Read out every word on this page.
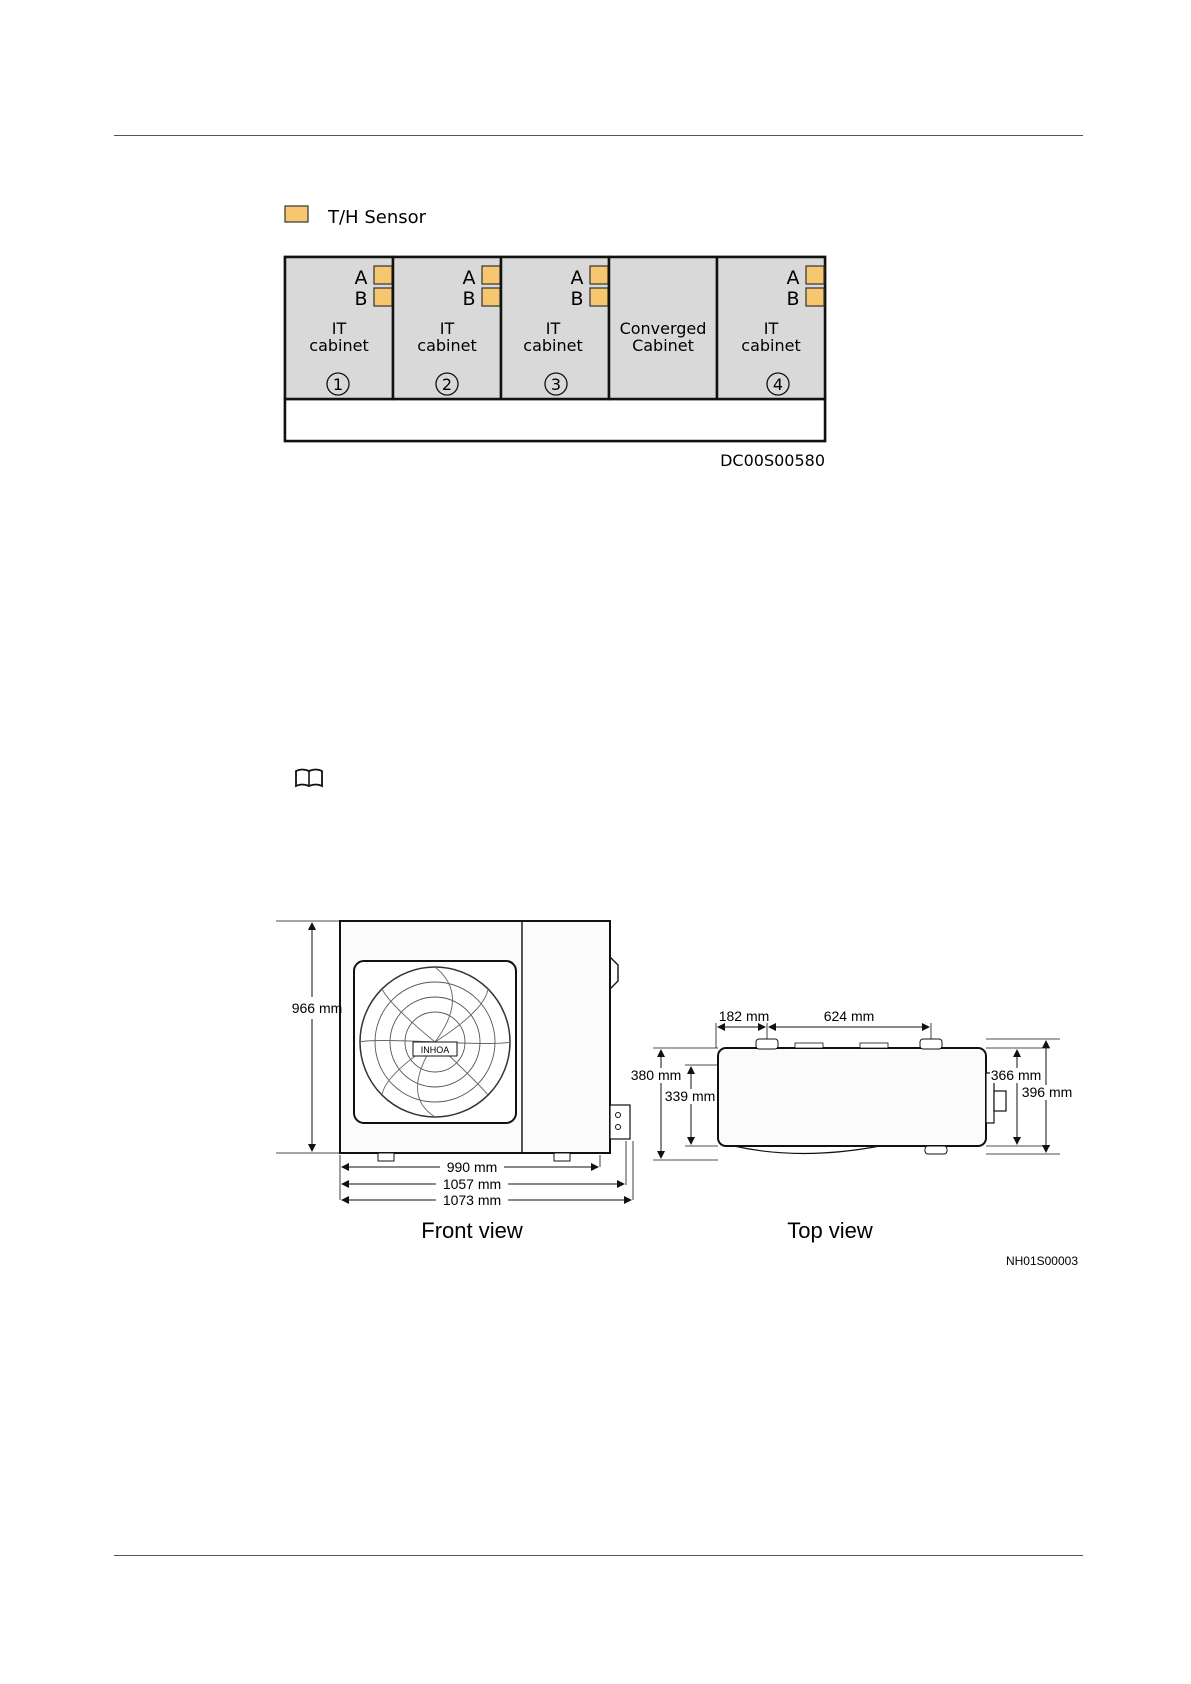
T/H Sensor
A
B
IT
cabinet
1
A
B
IT
cabinet
2
A
B
IT
cabinet
3
Converged
Cabinet
A
B
IT
cabinet
4
DC00S00580
INHOA
966 mm
990 mm
1057 mm
1073 mm
Front view
182 mm	624 mm
380 mm
339 mm
366 mm
396 mm
Top view
NH01S00003
